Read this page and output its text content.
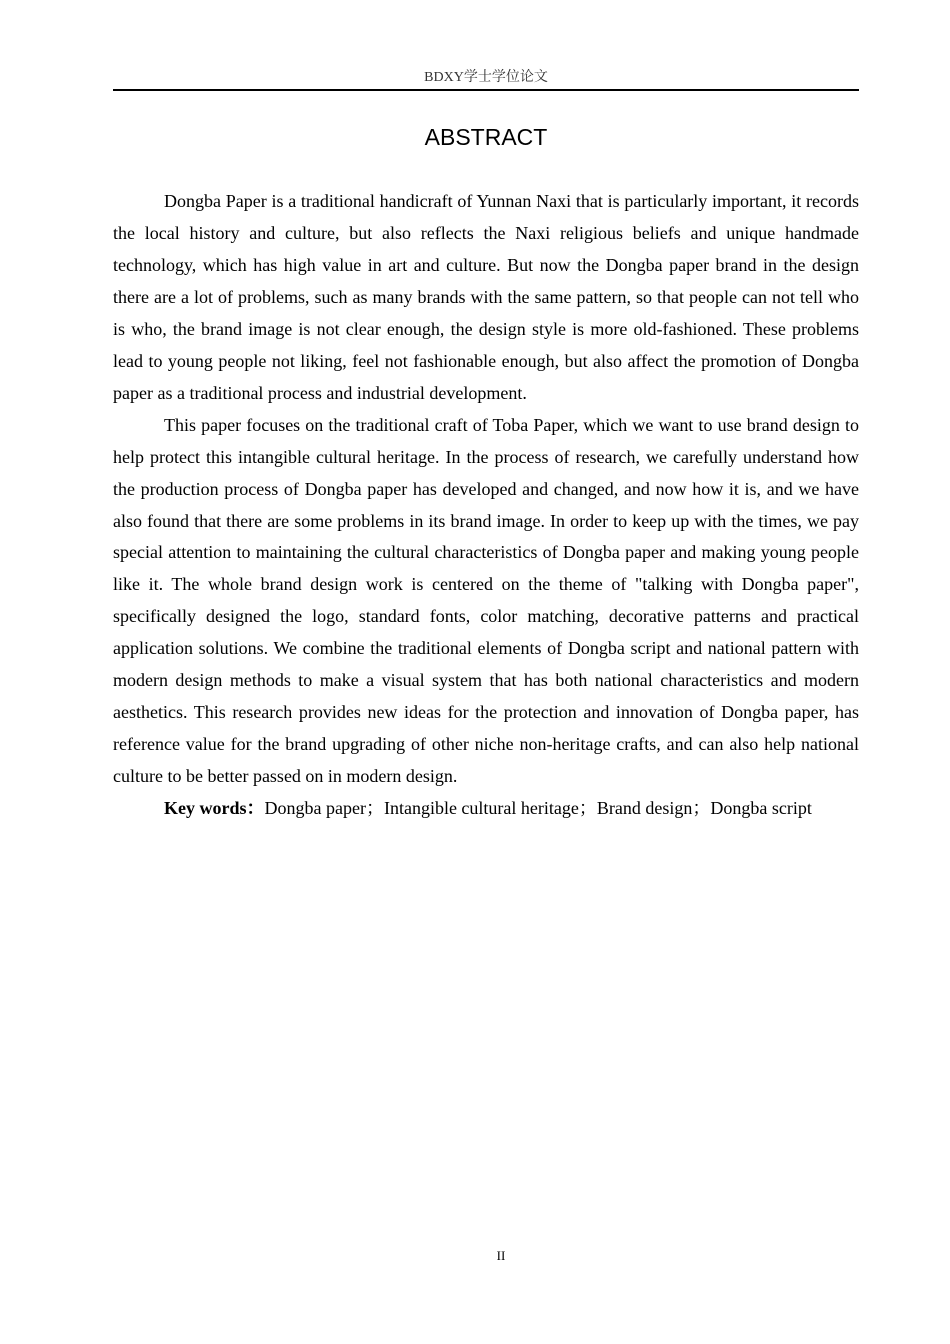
BDXY学士学位论文
ABSTRACT

Dongba Paper is a traditional handicraft of Yunnan Naxi that is particularly important, it records the local history and culture, but also reflects the Naxi religious beliefs and unique handmade technology, which has high value in art and culture. But now the Dongba paper brand in the design there are a lot of problems, such as many brands with the same pattern, so that people can not tell who is who, the brand image is not clear enough, the design style is more old-fashioned. These problems lead to young people not liking, feel not fashionable enough, but also affect the promotion of Dongba paper as a traditional process and industrial development.

This paper focuses on the traditional craft of Toba Paper, which we want to use brand design to help protect this intangible cultural heritage. In the process of research, we carefully understand how the production process of Dongba paper has developed and changed, and now how it is, and we have also found that there are some problems in its brand image. In order to keep up with the times, we pay special attention to maintaining the cultural characteristics of Dongba paper and making young people like it. The whole brand design work is centered on the theme of "talking with Dongba paper", specifically designed the logo, standard fonts, color matching, decorative patterns and practical application solutions. We combine the traditional elements of Dongba script and national pattern with modern design methods to make a visual system that has both national characteristics and modern aesthetics. This research provides new ideas for the protection and innovation of Dongba paper, has reference value for the brand upgrading of other niche non-heritage crafts, and can also help national culture to be better passed on in modern design.

Key words：Dongba paper；Intangible cultural heritage；Brand design；Dongba script

II
